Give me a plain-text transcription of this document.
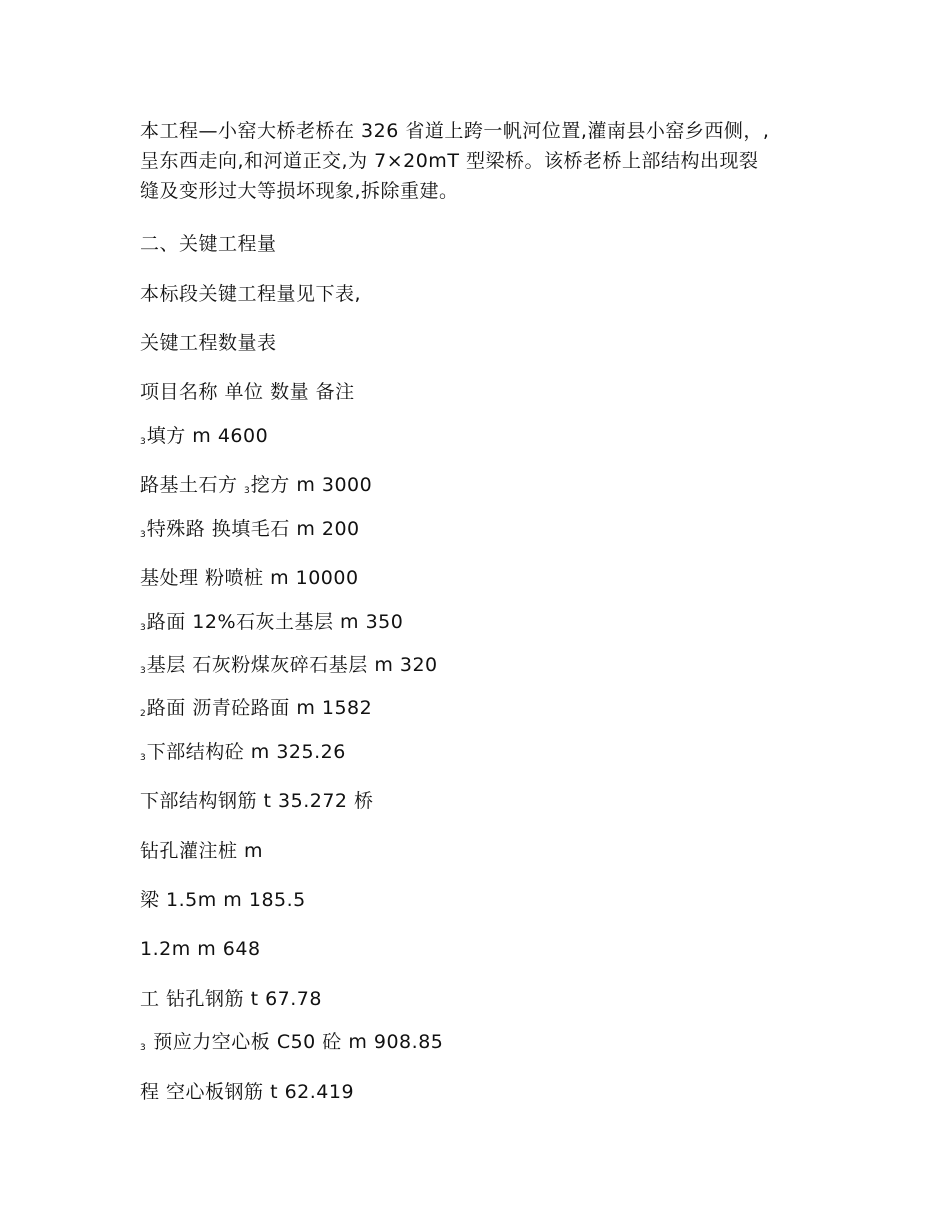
本工程—小窑大桥老桥在 326 省道上跨一帆河位置,灌南县小窑乡西侧，,
呈东西走向,和河道正交,为 7×20mT 型梁桥。该桥老桥上部结构出现裂
缝及变形过大等损坏现象,拆除重建。

二、关键工程量

本标段关键工程量见下表,

关键工程数量表

项目名称 单位 数量 备注

$_3$填方 m 4600

路基土石方 $_3$挖方 m 3000

$_3$特殊路 换填毛石 m 200

基处理 粉喷桩 m 10000

$_3$路面 12%石灰土基层 m 350

$_3$基层 石灰粉煤灰碎石基层 m 320

$_2$路面 沥青砼路面 m 1582

$_3$下部结构砼 m 325.26

下部结构钢筋 t 35.272 桥

钻孔灌注桩 m

梁 1.5m m 185.5

1.2m m 648

工 钻孔钢筋 t 67.78

$_3$ 预应力空心板 C50 砼 m 908.85

程 空心板钢筋 t 62.419
